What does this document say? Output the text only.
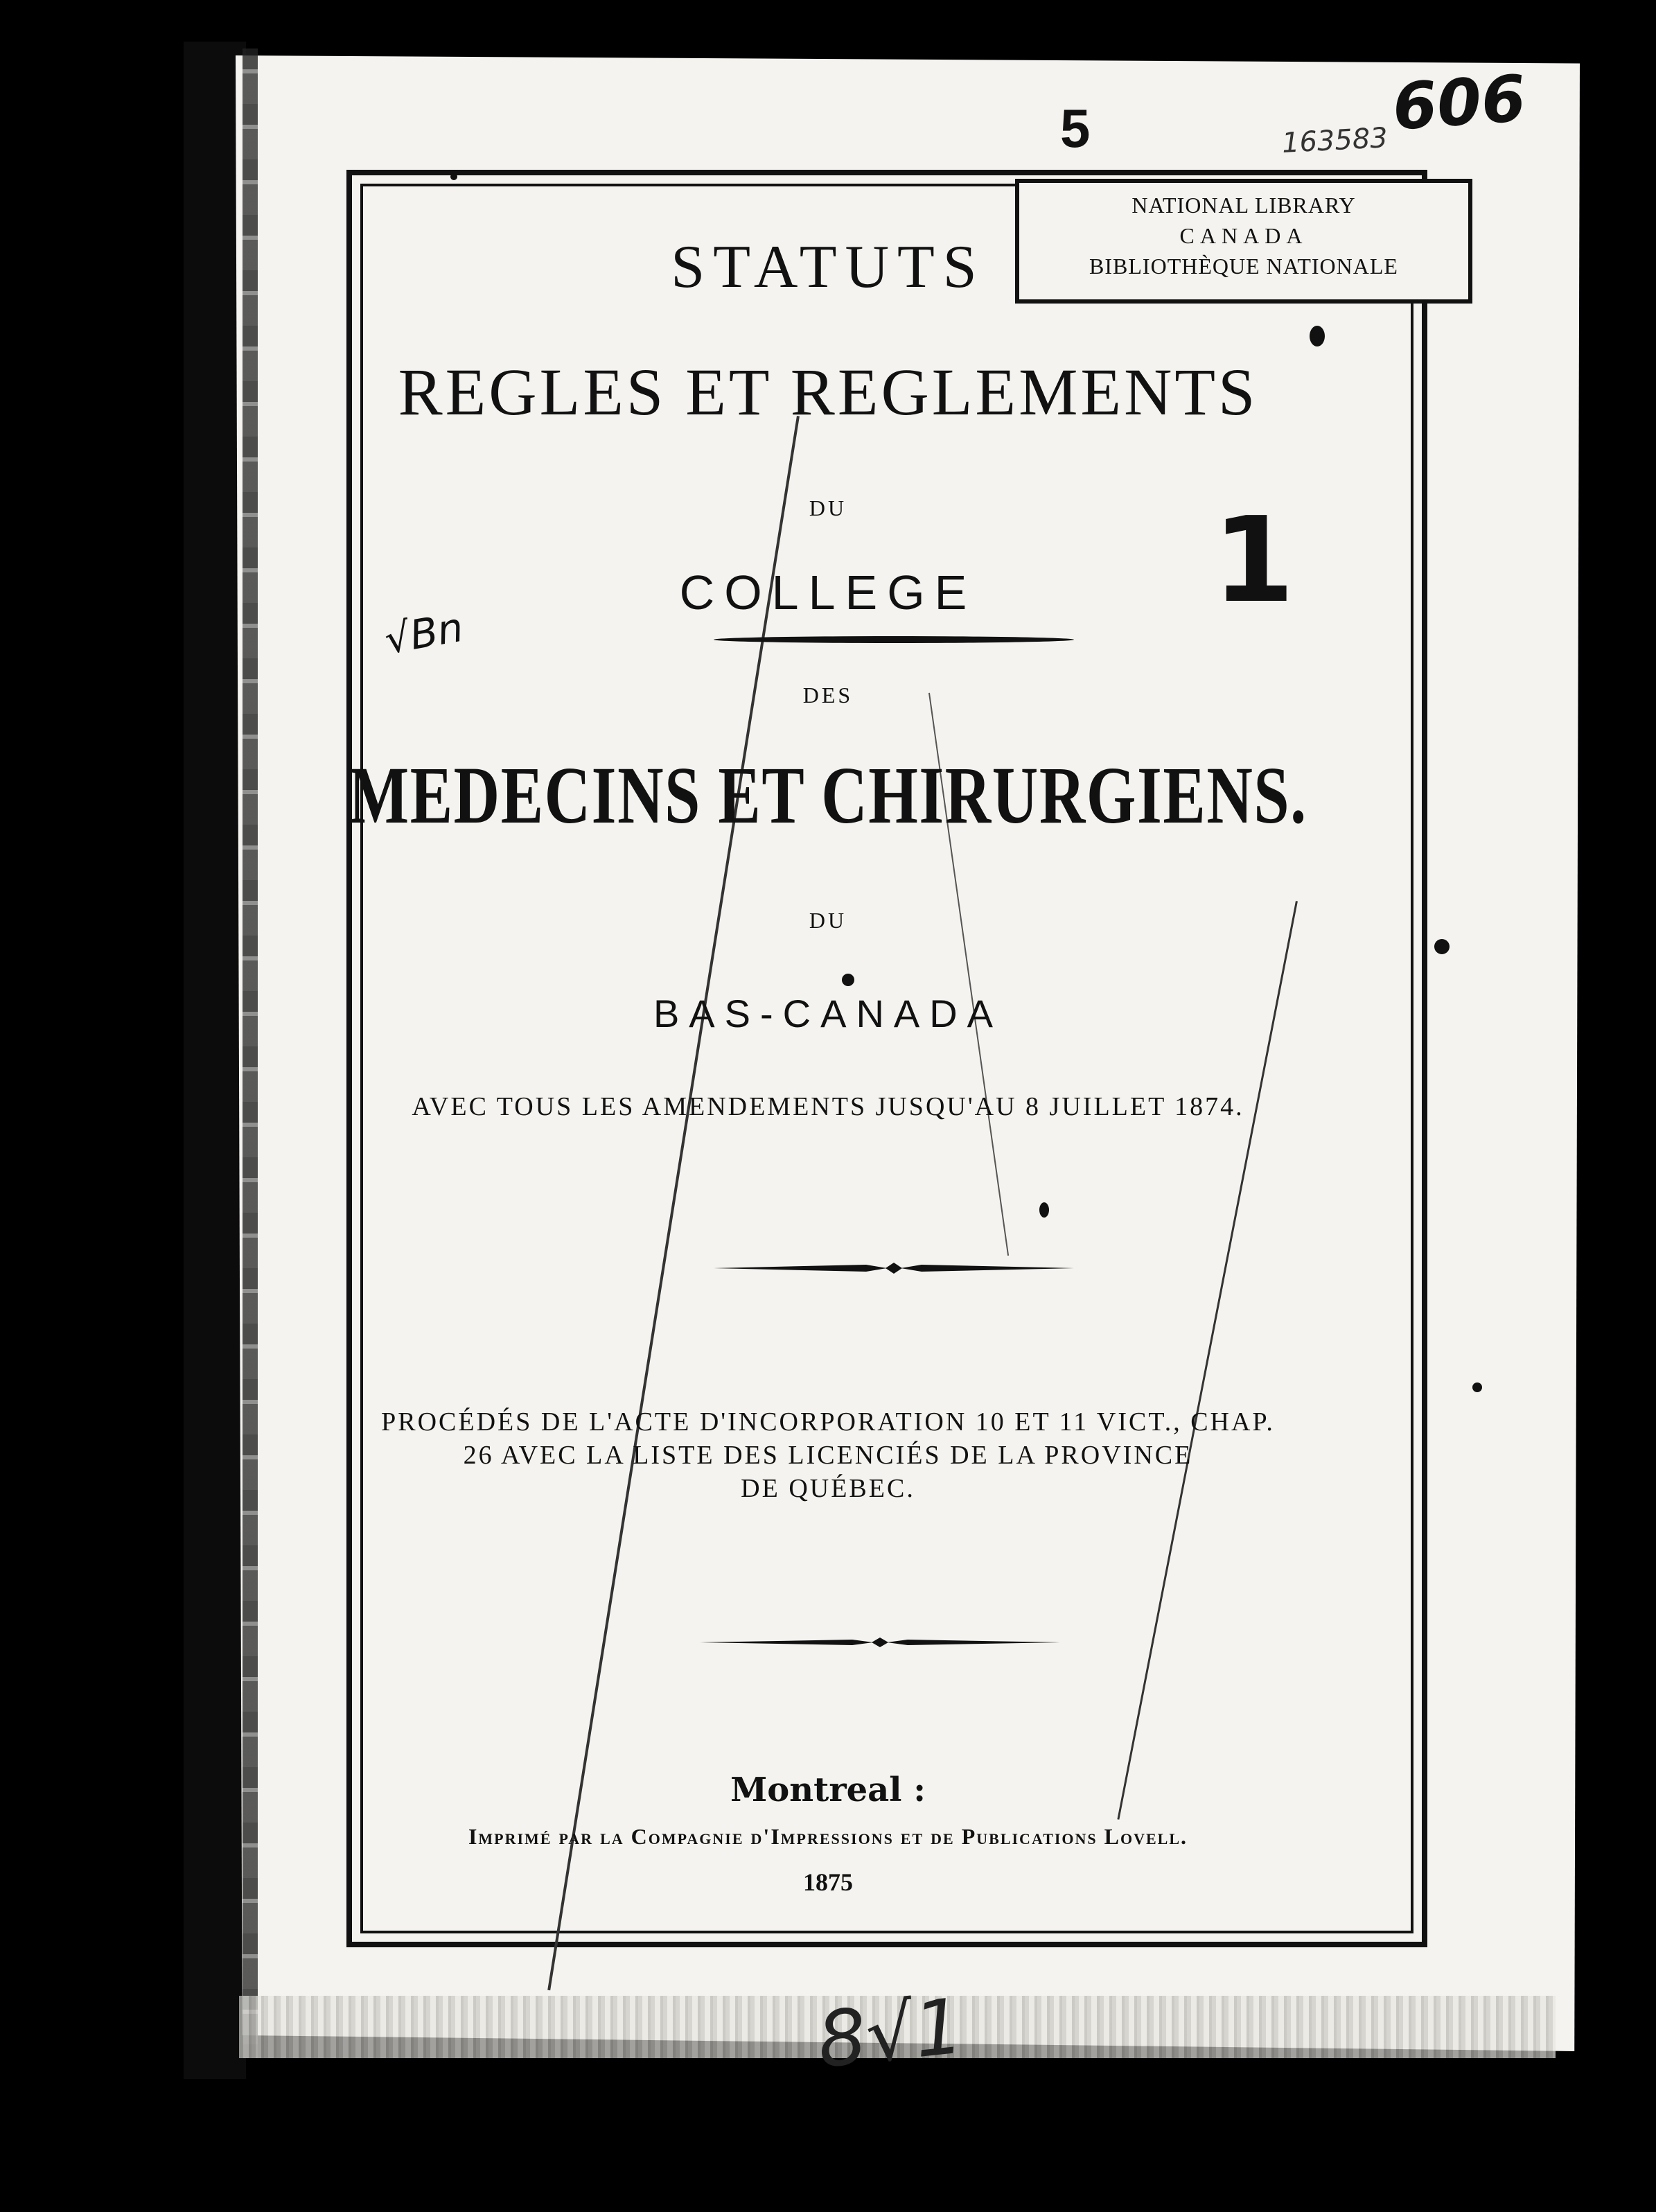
5	606
163583
1
√Bn
8√1
NATIONAL LIBRARY
CANADA
BIBLIOTHÈQUE NATIONALE
STATUTS
REGLES ET REGLEMENTS
DU
COLLEGE
DES
MEDECINS ET CHIRURGIENS.
DU
BAS-CANADA
AVEC TOUS LES AMENDEMENTS JUSQU'AU 8 JUILLET 1874.
PROCÉDÉS DE L'ACTE D'INCORPORATION 10 ET 11 VICT., CHAP.
26 AVEC LA LISTE DES LICENCIÉS DE LA PROVINCE
DE QUÉBEC.
Montreal :
Imprimé par la Compagnie d'Impressions et de Publications Lovell.
1875
